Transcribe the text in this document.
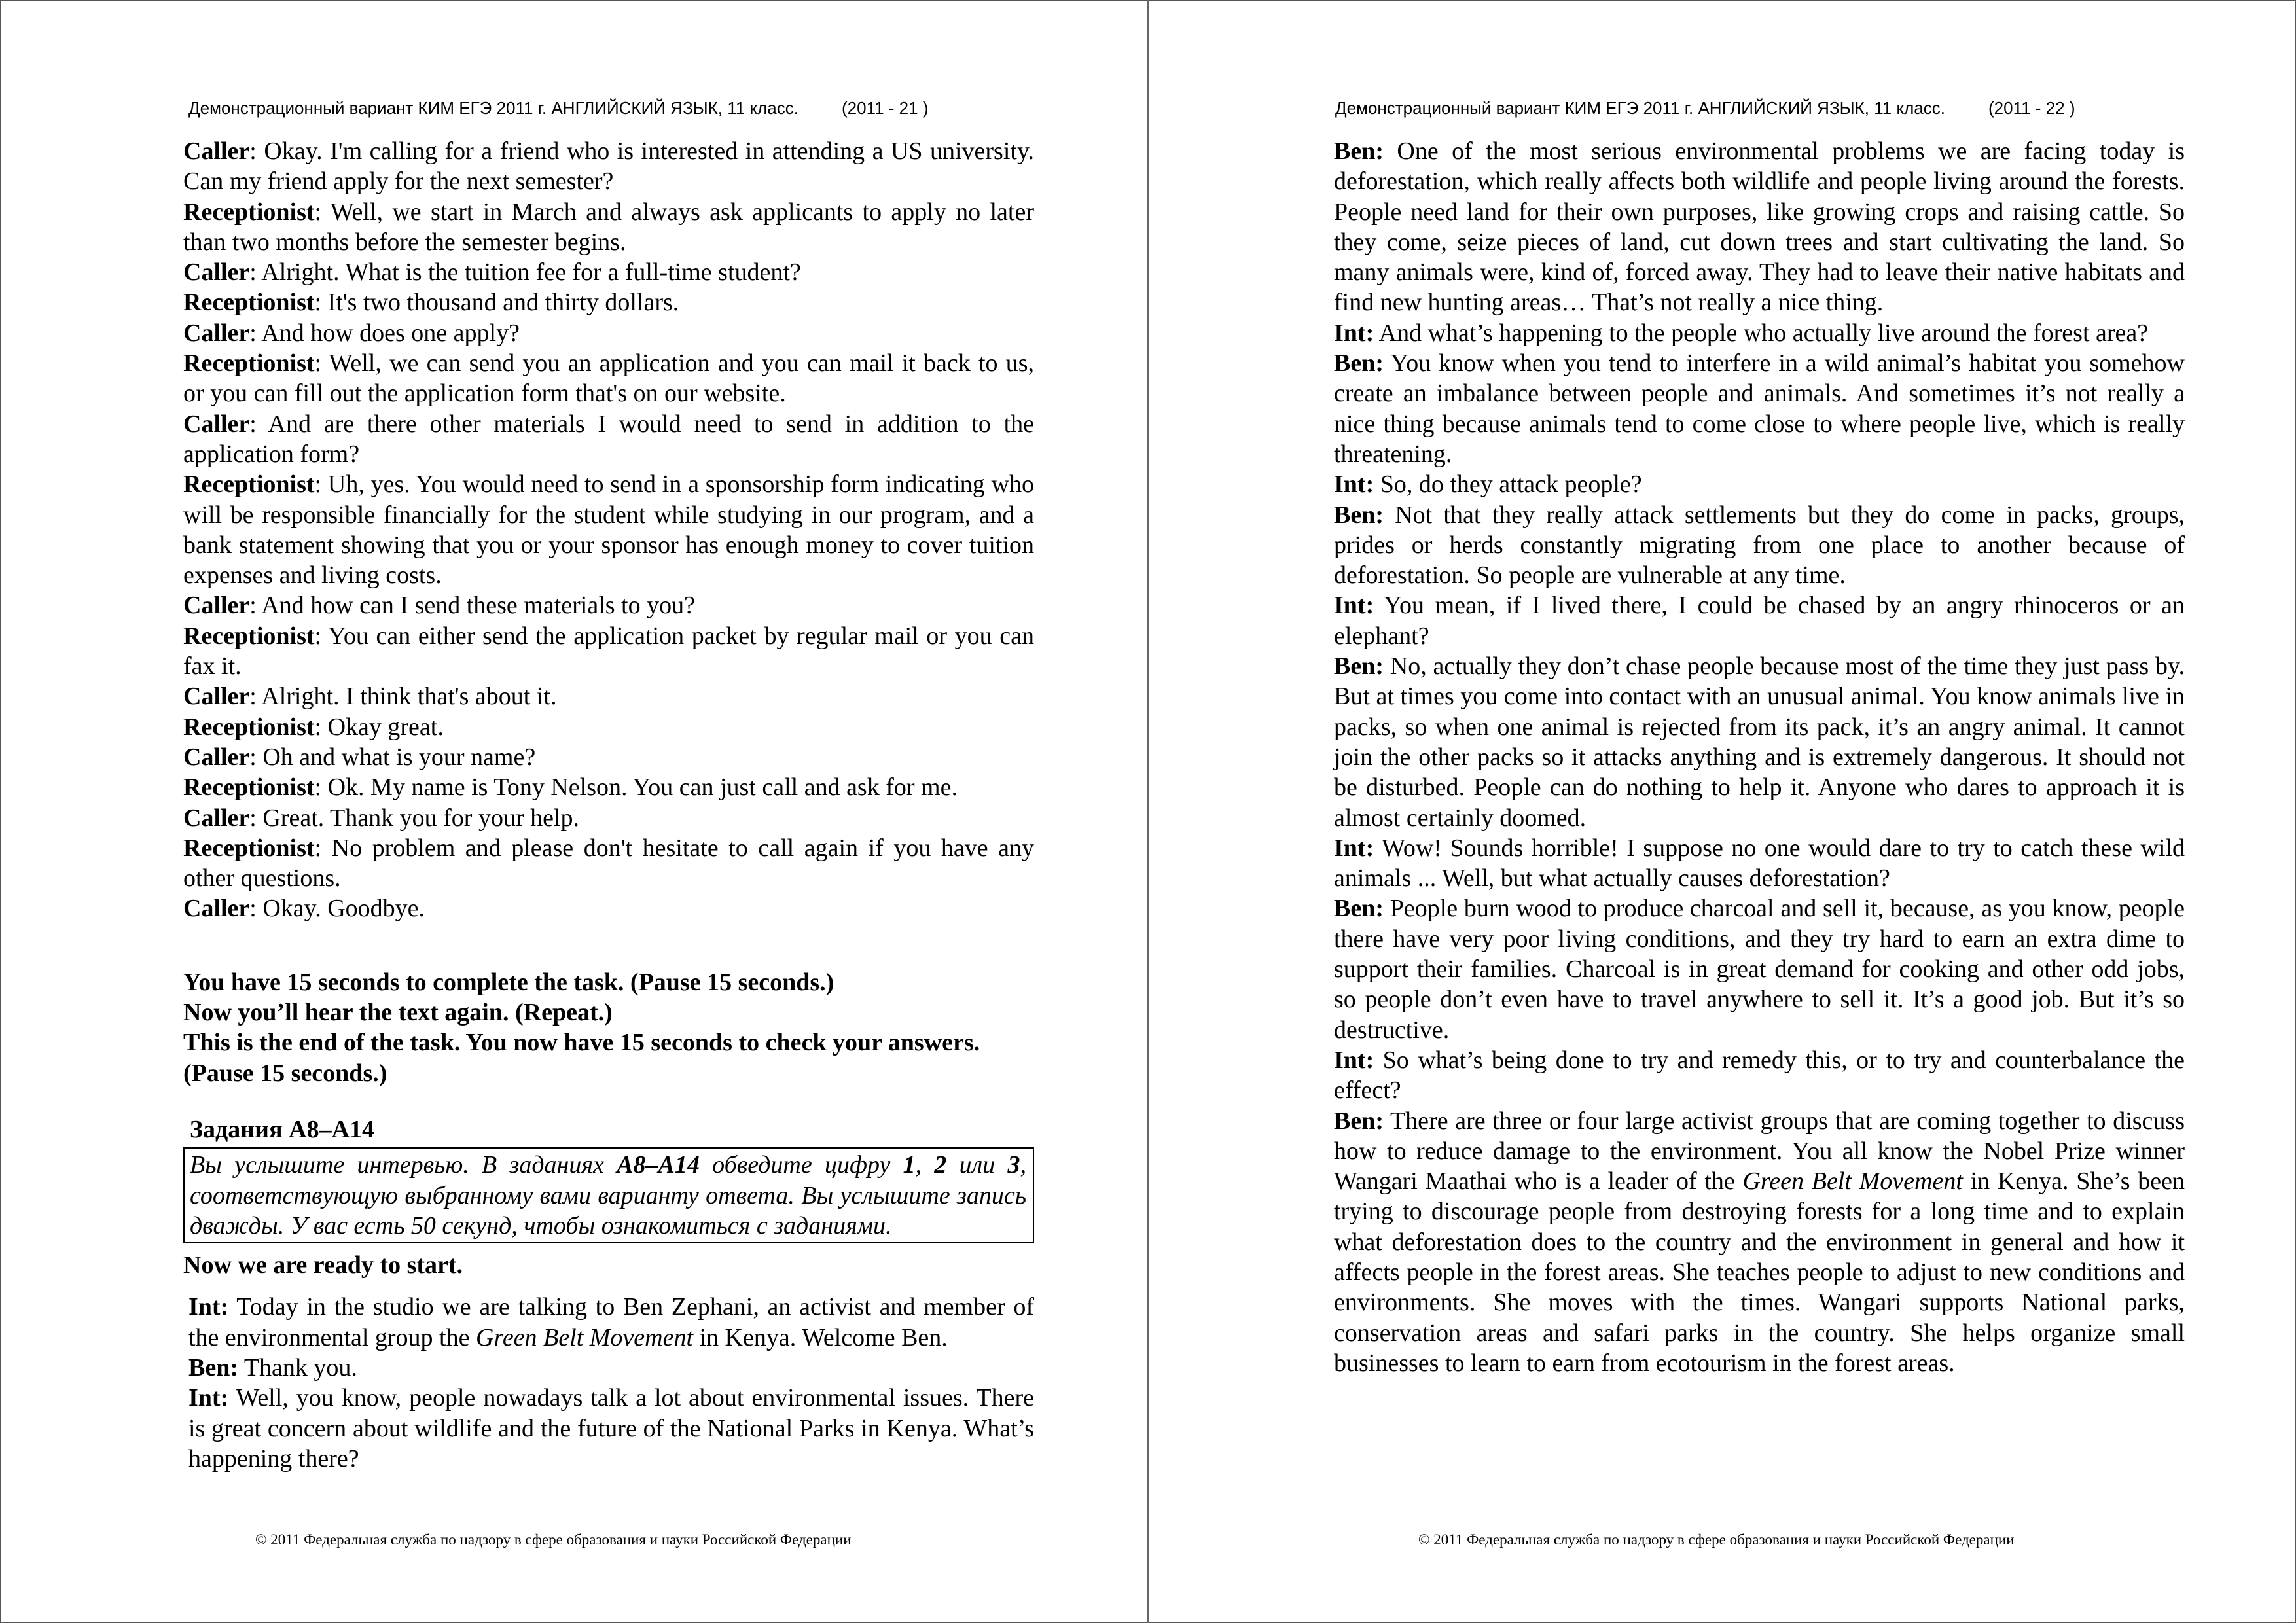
Демонстрационный вариант КИМ ЕГЭ 2011 г. АНГЛИЙСКИЙ ЯЗЫК, 11 класс.	(2011 - 21 )

Caller: Okay. I'm calling for a friend who is interested in attending a US university. Can my friend apply for the next semester?

Receptionist: Well, we start in March and always ask applicants to apply no later than two months before the semester begins.

Caller: Alright. What is the tuition fee for a full-time student?

Receptionist: It's two thousand and thirty dollars.

Caller: And how does one apply?

Receptionist: Well, we can send you an application and you can mail it back to us, or you can fill out the application form that's on our website.

Caller: And are there other materials I would need to send in addition to the application form?

Receptionist: Uh, yes. You would need to send in a sponsorship form indicating who will be responsible financially for the student while studying in our program, and a bank statement showing that you or your sponsor has enough money to cover tuition expenses and living costs.

Caller: And how can I send these materials to you?

Receptionist: You can either send the application packet by regular mail or you can fax it.

Caller: Alright. I think that's about it.

Receptionist: Okay great.

Caller: Oh and what is your name?

Receptionist: Ok. My name is Tony Nelson. You can just call and ask for me.

Caller: Great. Thank you for your help.

Receptionist: No problem and please don't hesitate to call again if you have any other questions.

Caller: Okay. Goodbye.

You have 15 seconds to complete the task. (Pause 15 seconds.)

Now you’ll hear the text again. (Repeat.)

This is the end of the task. You now have 15 seconds to check your answers. (Pause 15 seconds.)

Задания A8–A14

Вы услышите интервью. В заданиях A8–A14 обведите цифру 1, 2 или 3, соответствующую выбранному вами варианту ответа. Вы услышите запись дважды. У вас есть 50 секунд, чтобы ознакомиться с заданиями.

Now we are ready to start.

Int: Today in the studio we are talking to Ben Zephani, an activist and member of the environmental group the Green Belt Movement in Kenya. Welcome Ben.

Ben: Thank you.

Int: Well, you know, people nowadays talk a lot about environmental issues. There is great concern about wildlife and the future of the National Parks in Kenya. What’s happening there?

© 2011 Федеральная служба по надзору в сфере образования и науки Российской Федерации
Демонстрационный вариант КИМ ЕГЭ 2011 г. АНГЛИЙСКИЙ ЯЗЫК, 11 класс.	(2011 - 22 )

Ben: One of the most serious environmental problems we are facing today is deforestation, which really affects both wildlife and people living around the forests. People need land for their own purposes, like growing crops and raising cattle. So they come, seize pieces of land, cut down trees and start cultivating the land. So many animals were, kind of, forced away. They had to leave their native habitats and find new hunting areas… That’s not really a nice thing.

Int: And what’s happening to the people who actually live around the forest area?

Ben: You know when you tend to interfere in a wild animal’s habitat you somehow create an imbalance between people and animals. And sometimes it’s not really a nice thing because animals tend to come close to where people live, which is really threatening.

Int: So, do they attack people?

Ben: Not that they really attack settlements but they do come in packs, groups, prides or herds constantly migrating from one place to another because of deforestation. So people are vulnerable at any time.

Int: You mean, if I lived there, I could be chased by an angry rhinoceros or an elephant?

Ben: No, actually they don’t chase people because most of the time they just pass by. But at times you come into contact with an unusual animal. You know animals live in packs, so when one animal is rejected from its pack, it’s an angry animal. It cannot join the other packs so it attacks anything and is extremely dangerous. It should not be disturbed. People can do nothing to help it. Anyone who dares to approach it is almost certainly doomed.

Int: Wow! Sounds horrible! I suppose no one would dare to try to catch these wild animals ... Well, but what actually causes deforestation?

Ben: People burn wood to produce charcoal and sell it, because, as you know, people there have very poor living conditions, and they try hard to earn an extra dime to support their families. Charcoal is in great demand for cooking and other odd jobs, so people don’t even have to travel anywhere to sell it. It’s a good job. But it’s so destructive.

Int: So what’s being done to try and remedy this, or to try and counterbalance the effect?

Ben: There are three or four large activist groups that are coming together to discuss how to reduce damage to the environment. You all know the Nobel Prize winner Wangari Maathai who is a leader of the Green Belt Movement in Kenya. She’s been trying to discourage people from destroying forests for a long time and to explain what deforestation does to the country and the environment in general and how it affects people in the forest areas. She teaches people to adjust to new conditions and environments. She moves with the times. Wangari supports National parks, conservation areas and safari parks in the country. She helps organize small businesses to learn to earn from ecotourism in the forest areas.

© 2011 Федеральная служба по надзору в сфере образования и науки Российской Федерации
